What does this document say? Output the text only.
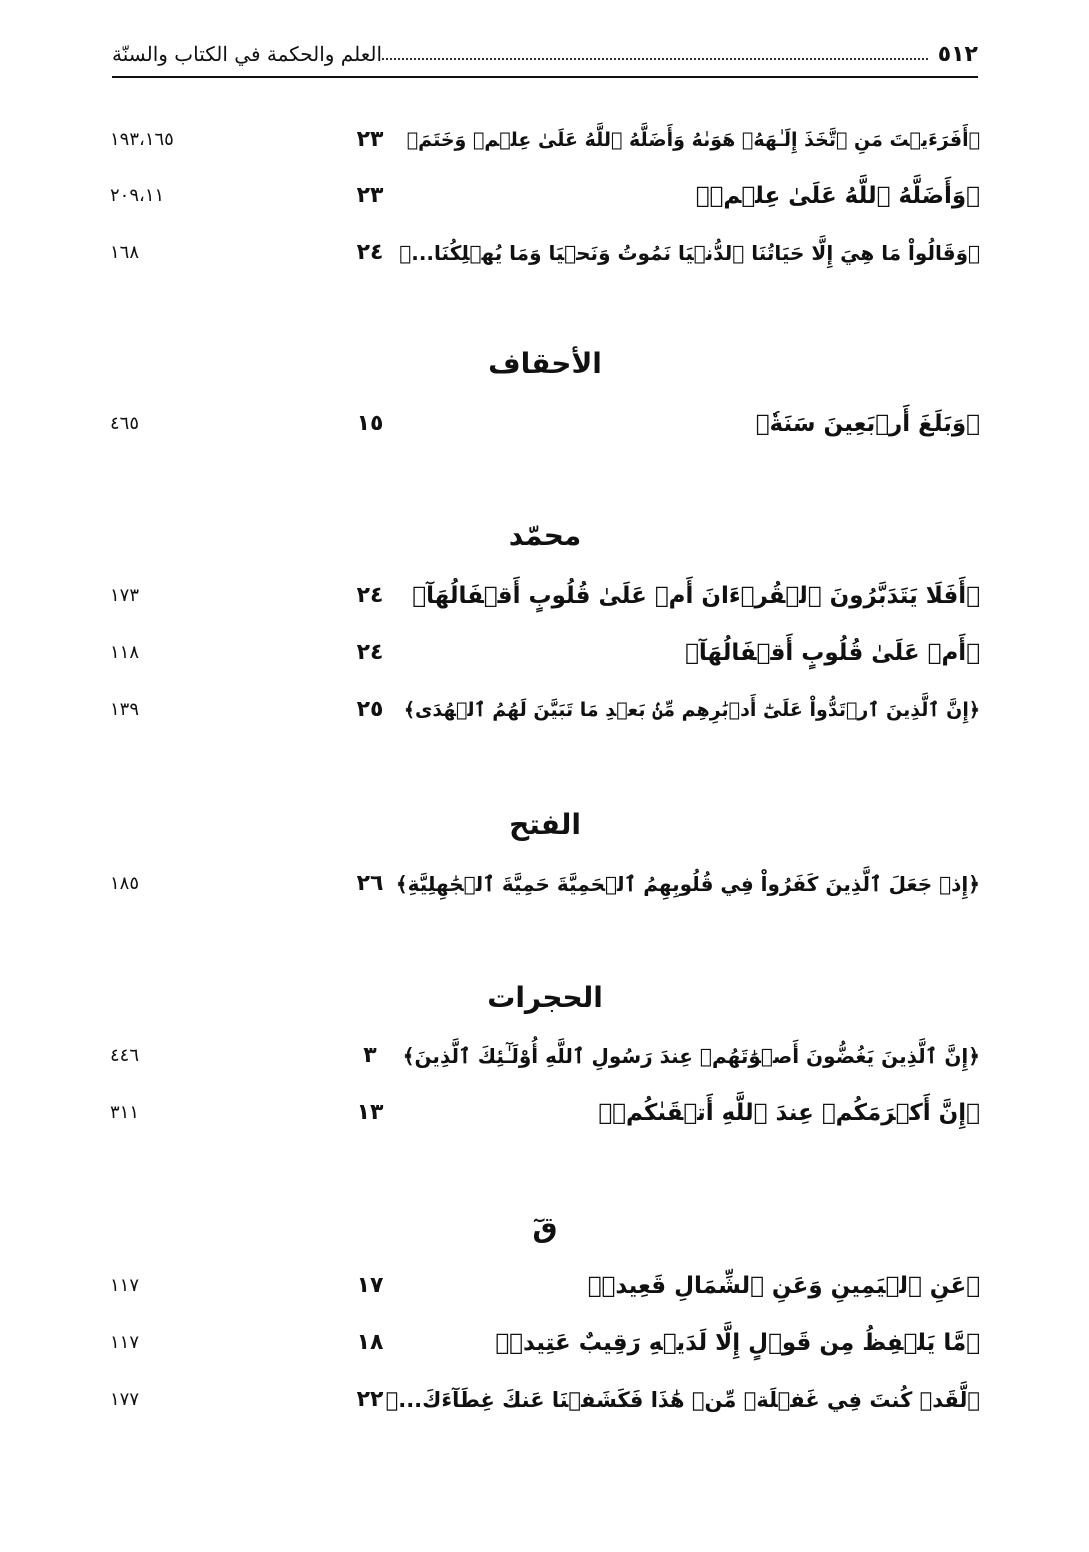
٥١٢
العلم والحكمة في الكتاب والسنّة
﴿أَفَرَءَيۡتَ مَنِ ٱتَّخَذَ إِلَـٰهَهُۥ هَوَىٰهُ وَأَضَلَّهُ ٱللَّهُ عَلَىٰ عِلۡمٖ وَخَتَمَ﴾
٢٣
١٩٣،١٦٥
﴿وَأَضَلَّهُ ٱللَّهُ عَلَىٰ عِلۡمٖ﴾
٢٣
٢٠٩،١١
﴿وَقَالُواْ مَا هِيَ إِلَّا حَيَاتُنَا ٱلدُّنۡيَا نَمُوتُ وَنَحۡيَا وَمَا يُهۡلِكُنَا...﴾
٢٤
١٦٨
الأحقاف
﴿وَبَلَغَ أَرۡبَعِينَ سَنَةٗ﴾
١٥
٤٦٥
محمّد
﴿أَفَلَا يَتَدَبَّرُونَ ٱلۡقُرۡءَانَ أَمۡ عَلَىٰ قُلُوبٍ أَقۡفَالُهَآ﴾
٢٤
١٧٣
﴿أَمۡ عَلَىٰ قُلُوبٍ أَقۡفَالُهَآ﴾
٢٤
١١٨
﴿إِنَّ ٱلَّذِينَ ٱرۡتَدُّواْ عَلَىٰٓ أَدۡبَٰرِهِم مِّنۢ بَعۡدِ مَا تَبَيَّنَ لَهُمُ ٱلۡهُدَى﴾
٢٥
١٣٩
الفتح
﴿إِذۡ جَعَلَ ٱلَّذِينَ كَفَرُواْ فِي قُلُوبِهِمُ ٱلۡحَمِيَّةَ حَمِيَّةَ ٱلۡجَٰهِلِيَّةِ﴾
٢٦
١٨٥
الحجرات
﴿إِنَّ ٱلَّذِينَ يَغُضُّونَ أَصۡوَٰتَهُمۡ عِندَ رَسُولِ ٱللَّهِ أُوْلَـٰٓئِكَ ٱلَّذِينَ﴾
٣
٤٤٦
﴿إِنَّ أَكۡرَمَكُمۡ عِندَ ٱللَّهِ أَتۡقَىٰكُمۡ﴾
١٣
٣١١
قٓ
﴿عَنِ ٱلۡيَمِينِ وَعَنِ ٱلشِّمَالِ قَعِيدٞ﴾
١٧
١١٧
﴿مَّا يَلۡفِظُ مِن قَوۡلٍ إِلَّا لَدَيۡهِ رَقِيبٌ عَتِيدٞ﴾
١٨
١١٧
﴿لَّقَدۡ كُنتَ فِي غَفۡلَةٖ مِّنۡ هَٰذَا فَكَشَفۡنَا عَنكَ غِطَآءَكَ...﴾
٢٢
١٧٧
